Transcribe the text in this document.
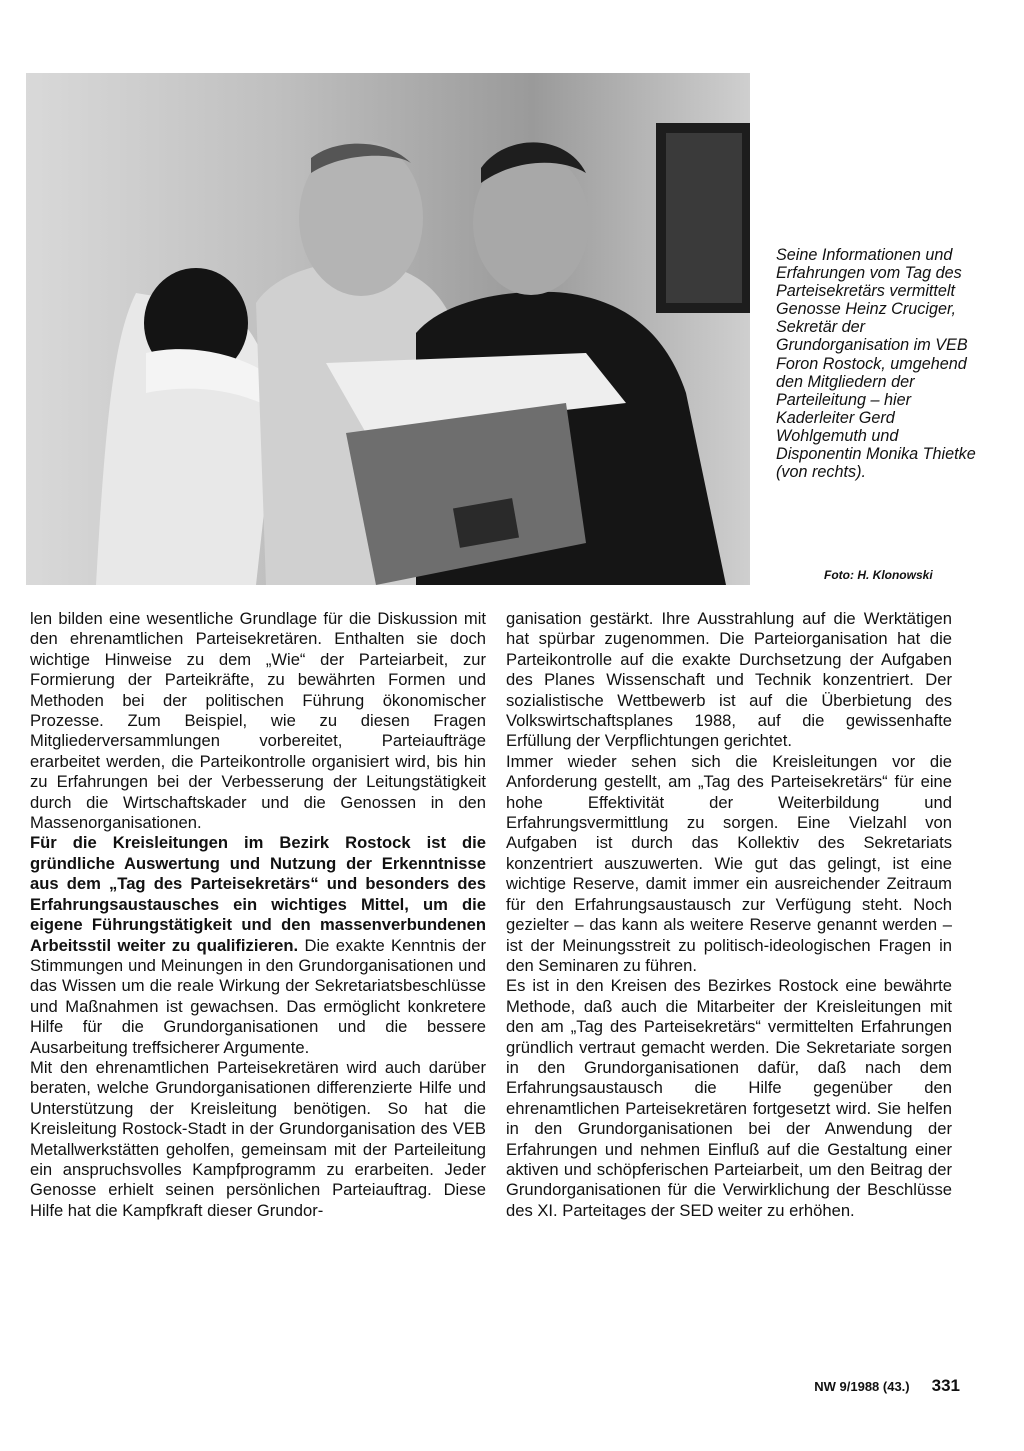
Seine Informationen und Erfahrungen vom Tag des Parteisekretärs vermittelt Genosse Heinz Cruciger, Sekretär der Grundorganisation im VEB Foron Rostock, umgehend den Mitgliedern der Parteileitung – hier Kaderleiter Gerd Wohlgemuth und Disponentin Monika Thietke (von rechts).

Foto: H. Klonowski

len bilden eine wesentliche Grundlage für die Diskussion mit den ehrenamtlichen Parteisekretären. Enthalten sie doch wichtige Hinweise zu dem „Wie“ der Parteiarbeit, zur Formierung der Parteikräfte, zu bewährten Formen und Methoden bei der politischen Führung ökonomischer Prozesse. Zum Beispiel, wie zu diesen Fragen Mitgliederversammlungen vorbereitet, Parteiaufträge erarbeitet werden, die Parteikontrolle organisiert wird, bis hin zu Erfahrungen bei der Verbesserung der Leitungstätigkeit durch die Wirtschaftskader und die Genossen in den Massenorganisationen.

Für die Kreisleitungen im Bezirk Rostock ist die gründliche Auswertung und Nutzung der Erkenntnisse aus dem „Tag des Parteisekretärs“ und besonders des Erfahrungsaustausches ein wichtiges Mittel, um die eigene Führungstätigkeit und den massenverbundenen Arbeitsstil weiter zu qualifizieren. Die exakte Kenntnis der Stimmungen und Meinungen in den Grundorganisationen und das Wissen um die reale Wirkung der Sekretariatsbeschlüsse und Maßnahmen ist gewachsen. Das ermöglicht konkretere Hilfe für die Grundorganisationen und die bessere Ausarbeitung treffsicherer Argumente.

Mit den ehrenamtlichen Parteisekretären wird auch darüber beraten, welche Grundorganisationen differenzierte Hilfe und Unterstützung der Kreisleitung benötigen. So hat die Kreisleitung Rostock-Stadt in der Grundorganisation des VEB Metallwerkstätten geholfen, gemeinsam mit der Parteileitung ein anspruchsvolles Kampfprogramm zu erarbeiten. Jeder Genosse erhielt seinen persönlichen Parteiauftrag. Diese Hilfe hat die Kampfkraft dieser Grundor-

ganisation gestärkt. Ihre Ausstrahlung auf die Werktätigen hat spürbar zugenommen. Die Parteiorganisation hat die Parteikontrolle auf die exakte Durchsetzung der Aufgaben des Planes Wissenschaft und Technik konzentriert. Der sozialistische Wettbewerb ist auf die Überbietung des Volkswirtschaftsplanes 1988, auf die gewissenhafte Erfüllung der Verpflichtungen gerichtet.

Immer wieder sehen sich die Kreisleitungen vor die Anforderung gestellt, am „Tag des Parteisekretärs“ für eine hohe Effektivität der Weiterbildung und Erfahrungsvermittlung zu sorgen. Eine Vielzahl von Aufgaben ist durch das Kollektiv des Sekretariats konzentriert auszuwerten. Wie gut das gelingt, ist eine wichtige Reserve, damit immer ein ausreichender Zeitraum für den Erfahrungsaustausch zur Verfügung steht. Noch gezielter – das kann als weitere Reserve genannt werden – ist der Meinungsstreit zu politisch-ideologischen Fragen in den Seminaren zu führen.

Es ist in den Kreisen des Bezirkes Rostock eine bewährte Methode, daß auch die Mitarbeiter der Kreisleitungen mit den am „Tag des Parteisekretärs“ vermittelten Erfahrungen gründlich vertraut gemacht werden. Die Sekretariate sorgen in den Grundorganisationen dafür, daß nach dem Erfahrungsaustausch die Hilfe gegenüber den ehrenamtlichen Parteisekretären fortgesetzt wird. Sie helfen in den Grundorganisationen bei der Anwendung der Erfahrungen und nehmen Einfluß auf die Gestaltung einer aktiven und schöpferischen Parteiarbeit, um den Beitrag der Grundorganisationen für die Verwirklichung der Beschlüsse des XI. Parteitages der SED weiter zu erhöhen.

NW 9/1988 (43.) 331
